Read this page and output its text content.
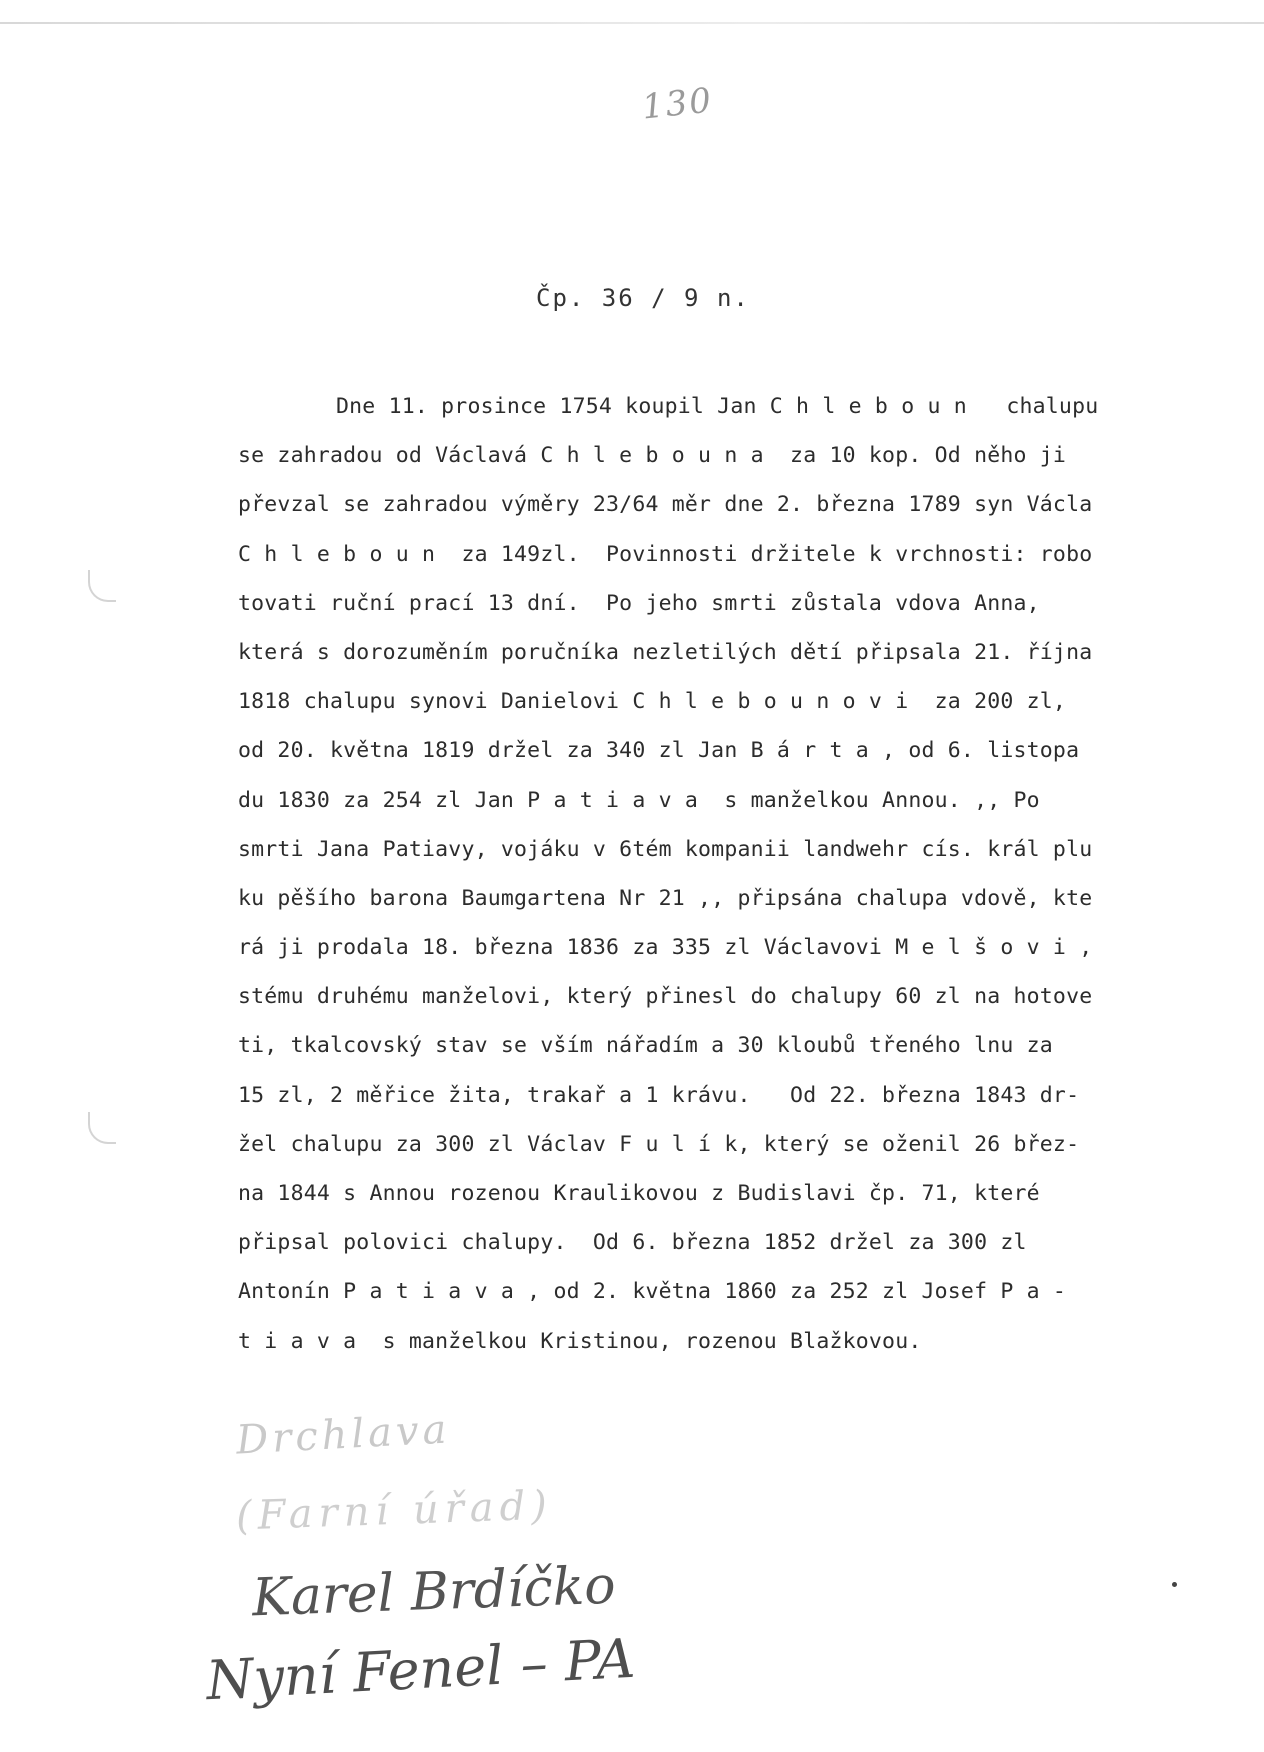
130
Čp. 36 / 9 n.
Dne 11. prosince 1754 koupil Jan C h l e b o u n   chalupu
se zahradou od Václavá C h l e b o u n a  za 10 kop. Od něho ji
převzal se zahradou výměry 23/64 měr dne 2. března 1789 syn Václa
C h l e b o u n  za 149zl.  Povinnosti držitele k vrchnosti: robo
tovati ruční prací 13 dní.  Po jeho smrti zůstala vdova Anna,
která s dorozuměním poručníka nezletilých dětí připsala 21. října
1818 chalupu synovi Danielovi C h l e b o u n o v i  za 200 zl,
od 20. května 1819 držel za 340 zl Jan B á r t a , od 6. listopa
du 1830 za 254 zl Jan P a t i a v a  s manželkou Annou. ,, Po
smrti Jana Patiavy, vojáku v 6tém kompanii landwehr cís. král plu
ku pěšího barona Baumgartena Nr 21 ,, připsána chalupa vdově, kte
rá ji prodala 18. března 1836 za 335 zl Václavovi M e l š o v i ,
stému druhému manželovi, který přinesl do chalupy 60 zl na hotove
ti, tkalcovský stav se vším nářadím a 30 kloubů třeného lnu za
15 zl, 2 měřice žita, trakař a 1 krávu.   Od 22. března 1843 dr-
žel chalupu za 300 zl Václav F u l í k, který se oženil 26 břez-
na 1844 s Annou rozenou Kraulikovou z Budislavi čp. 71, které
připsal polovici chalupy.  Od 6. března 1852 držel za 300 zl
Antonín P a t i a v a , od 2. května 1860 za 252 zl Josef P a -
t i a v a  s manželkou Kristinou, rozenou Blažkovou.
Drchlava
(Farní úřad)
Karel Brdíčko
Nyní Fenel – PA
